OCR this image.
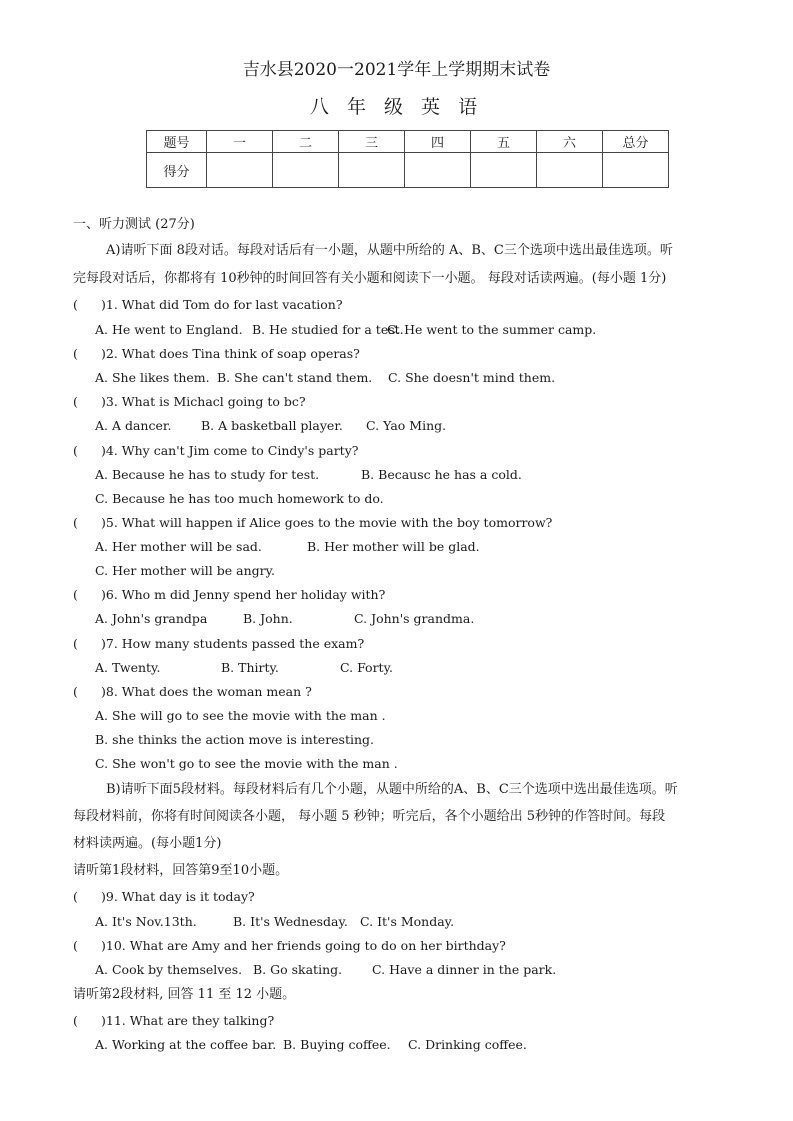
吉水县2020一2021学年上学期期末试卷
八 年 级 英 语
题号	一	二	三	四	五	六	总分
得分							
一、听力测试 (27分)
A)请听下面 8段对话。每段对话后有一小题，从题中所给的 A、B、C三个选项中选出最佳选项。听
完每段对话后，你都将有 10秒钟的时间回答有关小题和阅读下一小题。 每段对话读两遍。(每小题 1分)
( )1. What did Tom do for last vacation?
A. He went to England. B. He studied for a test.
C. He went to the summer camp.
( )2. What does Tina think of soap operas?
A. She likes them. B. She can't stand them. C. She doesn't mind them.
( )3. What is Michacl going to bc?
A. A dancer. B. A basketball player. C. Yao Ming.
( )4. Why can't Jim come to Cindy's party?
A. Because he has to study for test.	B. Becausc he has a cold.
C. Because he has too much homework to do.
( )5. What will happen if Alice goes to the movie with the boy tomorrow?
A. Her mother will be sad.	B. Her mother will be glad.
C. Her mother will be angry.
( )6. Who m did Jenny spend her holiday with?
A. John's grandpa	B. John.	C. John's grandma.
( )7. How many students passed the exam?
A. Twenty.	B. Thirty.	C. Forty.
( )8. What does the woman mean ?
A. She will go to see the movie with the man .
B. she thinks the action move is interesting.
C. She won't go to see the movie with the man .
B)请听下面5段材料。每段材料后有几个小题，从题中所给的A、B、C三个选项中选出最佳选项。听
每段材料前，你将有时间阅读各小题， 每小题 5 秒钟；听完后，各个小题给出 5秒钟的作答时间。每段
材料读两遍。(每小题1分)
请听第1段材料，回答第9至10小题。
( )9. What day is it today?
A. It's Nov.13th.	B. It's Wednesday. C. It's Monday.
( )10. What are Amy and her friends going to do on her birthday?
A. Cook by themselves. B. Go skating. C. Have a dinner in the park.
请听第2段材料, 回答 11 至 12 小题。
( )11. What are they talking?
A. Working at the coffee bar. B. Buying coffee. C. Drinking coffee.
